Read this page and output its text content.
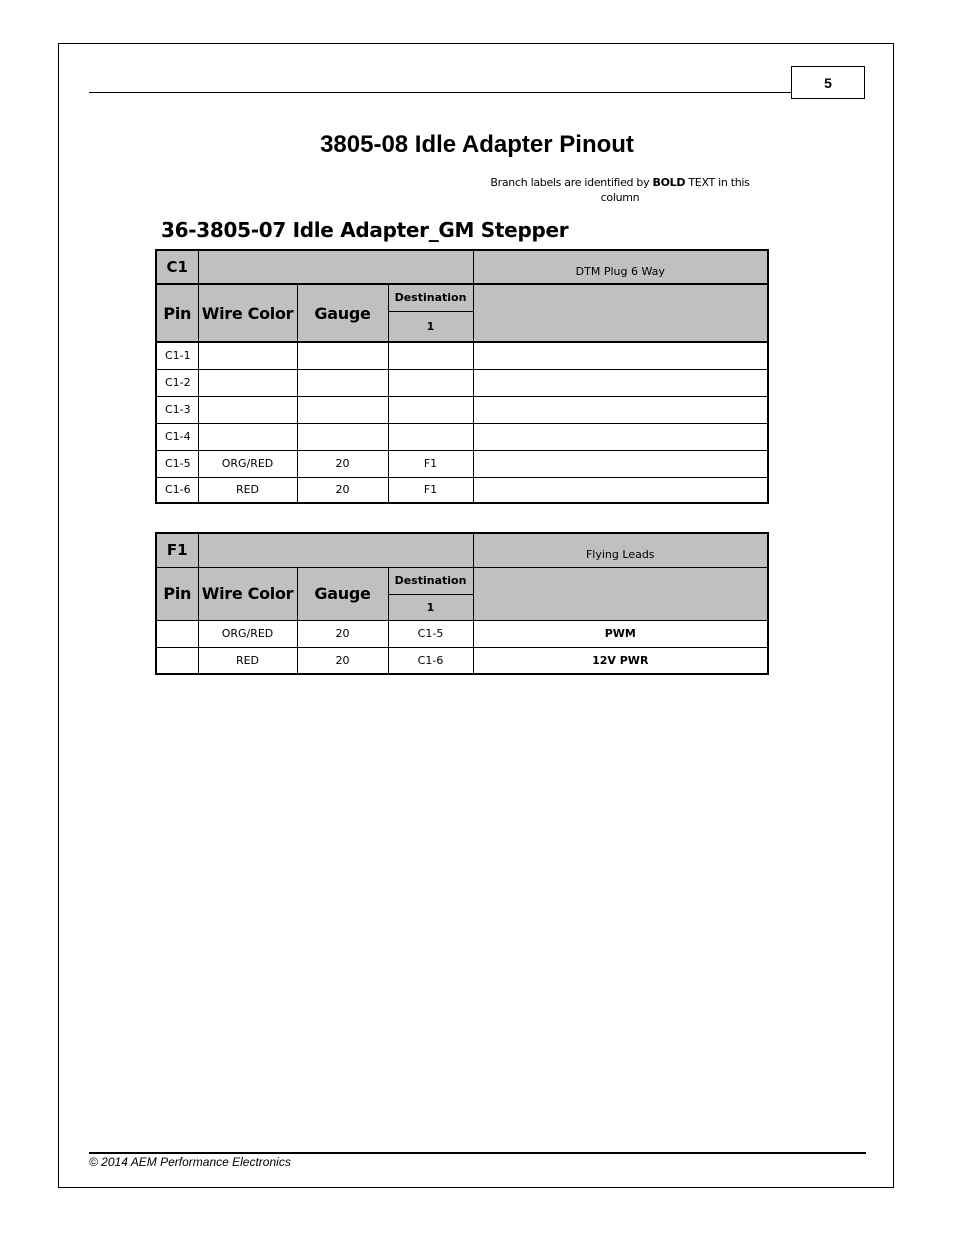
5
3805-08 Idle Adapter Pinout
Branch labels are identified by BOLD TEXT in this column
36-3805-07 Idle Adapter_GM Stepper
C1				DTM Plug 6 Way
Pin	Wire Color	Gauge	Destination	
			1	
C1-1				
C1-2				
C1-3				
C1-4				
C1-5	ORG/RED	20	F1	
C1-6	RED	20	F1	
F1				Flying Leads
Pin	Wire Color	Gauge	Destination	
			1	
	ORG/RED	20	C1-5	PWM
	RED	20	C1-6	12V PWR
© 2014 AEM Performance Electronics
